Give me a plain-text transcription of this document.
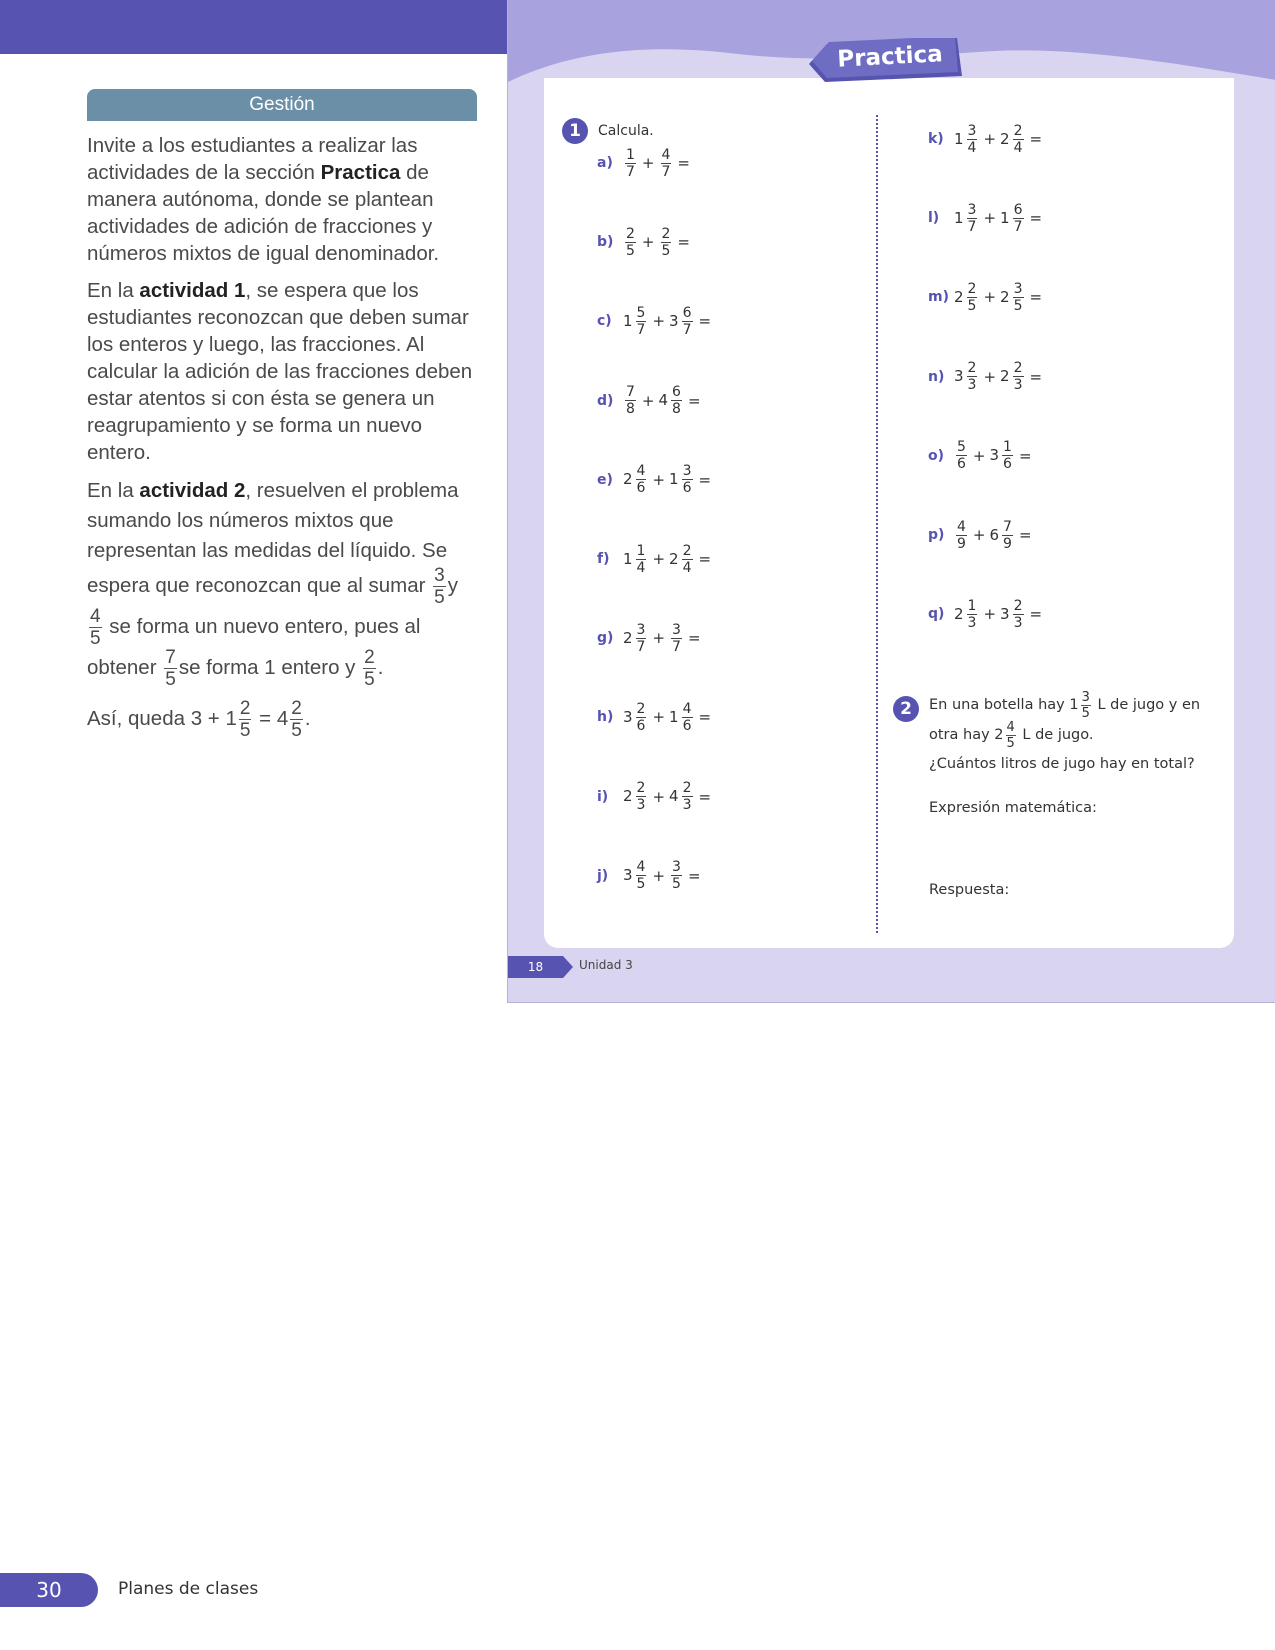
Gestión

Invite a los estudiantes a realizar las actividades de la sección Practica de manera autónoma, donde se plantean actividades de adición de fracciones y números mixtos de igual denominador.

En la actividad 1, se espera que los estudiantes reconozcan que deben sumar los enteros y luego, las fracciones. Al calcular la adición de las fracciones deben estar atentos si con ésta se genera un reagrupamiento y se forma un nuevo entero.

En la actividad 2, resuelven el problema sumando los números mixtos que representan las medidas del líquido. Se espera que reconozcan que al sumar $\frac{3}{5}$ y
$\frac{4}{5}$ se forma un nuevo entero, pues al obtener $\frac{7}{5}$ se forma 1 entero y $\frac{2}{5}$ .

Así, queda $3 + 1 \frac{2}{5} = 4 \frac{2}{5}$ .

Practica
1	Calcula.
$a) \frac{1}{7} + \frac{4}{7}$ =
$b) \frac{2}{5} + \frac{2}{5}$ =
c) $1 \frac{5}{7} + 3 \frac{6}{7}$ =
$d) \frac{7}{8} + 4 \frac{6}{8}$ =
e) $2 \frac{4}{6} + 1 \frac{3}{6}$ =
f) $1 \frac{1}{4} + 2 \frac{2}{4}$ =
g) $2 \frac{3}{7} + \frac{3}{7}$ =
h) $3 \frac{2}{6} + 1 \frac{4}{6}$ =
i) $2 \frac{2}{3} + 4 \frac{2}{3}$ =
j) $3 \frac{4}{5} + \frac{3}{5}$ =
k) $1 \frac{3}{4} + 2 \frac{2}{4}$ =
l) $1 \frac{3}{7} + 1 \frac{6}{7}$ =
m) $2 \frac{2}{5} + 2 \frac{3}{5}$ =
n) $3 \frac{2}{3} + 2 \frac{2}{3}$ =
$o) \frac{5}{6} + 3 \frac{1}{6}$ =
$p) \frac{4}{9} + 6 \frac{7}{9}$ =
q) $2 \frac{1}{3} + 3 \frac{2}{3}$ =
2	En una botella hay $1 \frac{3}{5}$ L de jugo y en otra hay $2 \frac{4}{5}$ L de jugo.
¿Cuántos litros de jugo hay en total?
Expresión matemática:
Respuesta:
18	Unidad 3
30	Planes de clases
